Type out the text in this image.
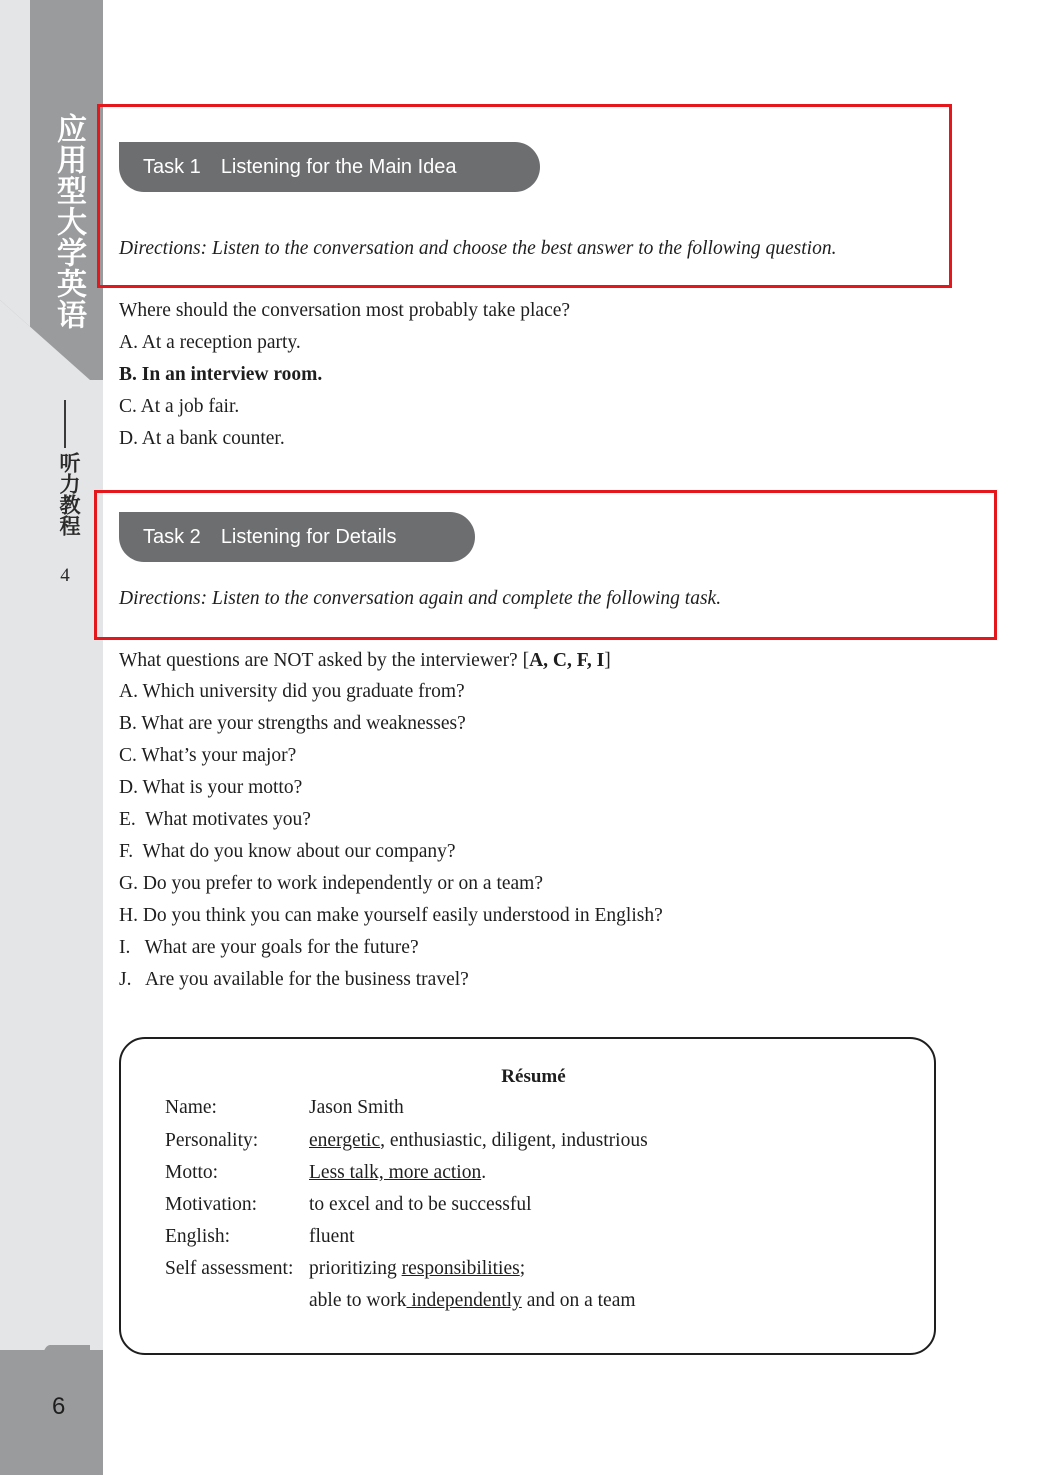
应用型大学英语
听力教程
4
6
Task 1 Listening for the Main Idea
Directions: Listen to the conversation and choose the best answer to the following question.
Where should the conversation most probably take place?
A. At a reception party.
B. In an interview room.
C. At a job fair.
D. At a bank counter.
Task 2 Listening for Details
Directions: Listen to the conversation again and complete the following task.
What questions are NOT asked by the interviewer? [A, C, F, I]
A. Which university did you graduate from?
B. What are your strengths and weaknesses?
C. What’s your major?
D. What is your motto?
E.  What motivates you?
F.  What do you know about our company?
G. Do you prefer to work independently or on a team?
H. Do you think you can make yourself easily understood in English?
I.   What are your goals for the future?
J.   Are you available for the business travel?
Résumé
Name:	Jason Smith
Personality:	energetic, enthusiastic, diligent, industrious
Motto:	Less talk, more action.
Motivation:	to excel and to be successful
English:	fluent
Self assessment: prioritizing responsibilities;
able to work independently and on a team
